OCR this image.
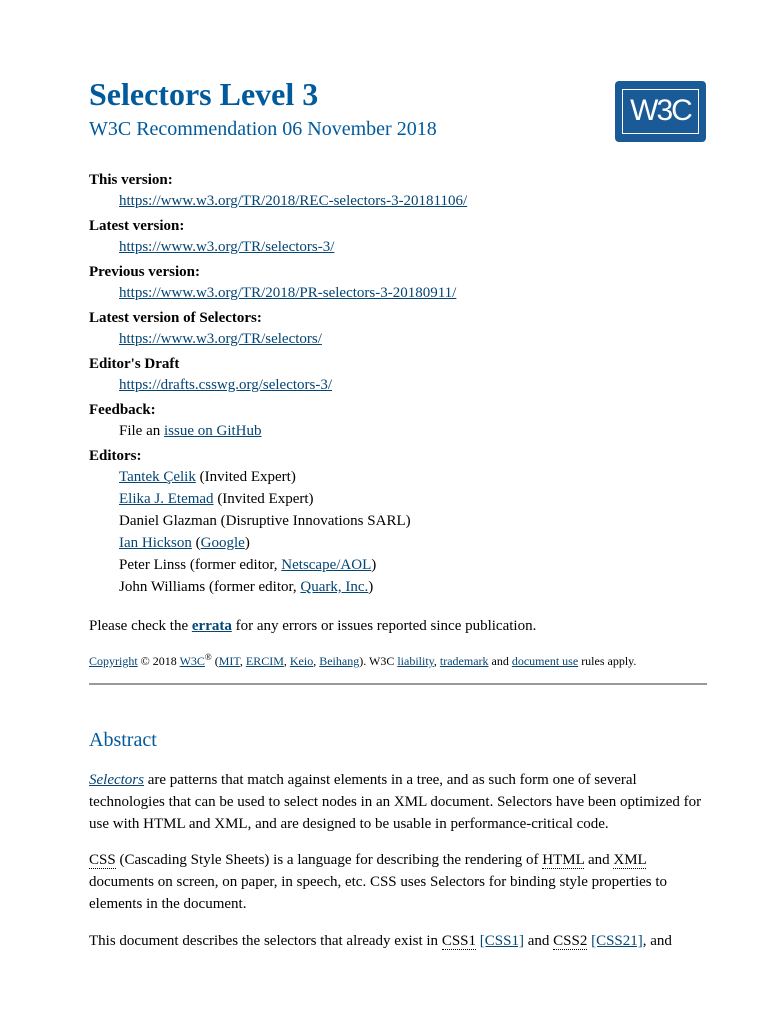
Selectors Level 3
W3C Recommendation 06 November 2018
W3C
This version:
https://www.w3.org/TR/2018/REC-selectors-3-20181106/
Latest version:
https://www.w3.org/TR/selectors-3/
Previous version:
https://www.w3.org/TR/2018/PR-selectors-3-20180911/
Latest version of Selectors:
https://www.w3.org/TR/selectors/
Editor's Draft
https://drafts.csswg.org/selectors-3/
Feedback:
File an issue on GitHub
Editors:
Tantek Çelik (Invited Expert)
Elika J. Etemad (Invited Expert)
Daniel Glazman (Disruptive Innovations SARL)
Ian Hickson (Google)
Peter Linss (former editor, Netscape/AOL)
John Williams (former editor, Quark, Inc.)

Please check the errata for any errors or issues reported since publication.

Copyright © 2018 W3C® (MIT, ERCIM, Keio, Beihang). W3C liability, trademark and document use rules apply.

Abstract

Selectors are patterns that match against elements in a tree, and as such form one of several technologies that can be used to select nodes in an XML document. Selectors have been optimized for use with HTML and XML, and are designed to be usable in performance-critical code.

CSS (Cascading Style Sheets) is a language for describing the rendering of HTML and XML documents on screen, on paper, in speech, etc. CSS uses Selectors for binding style properties to elements in the document.

This document describes the selectors that already exist in CSS1 [CSS1] and CSS2 [CSS21], and
